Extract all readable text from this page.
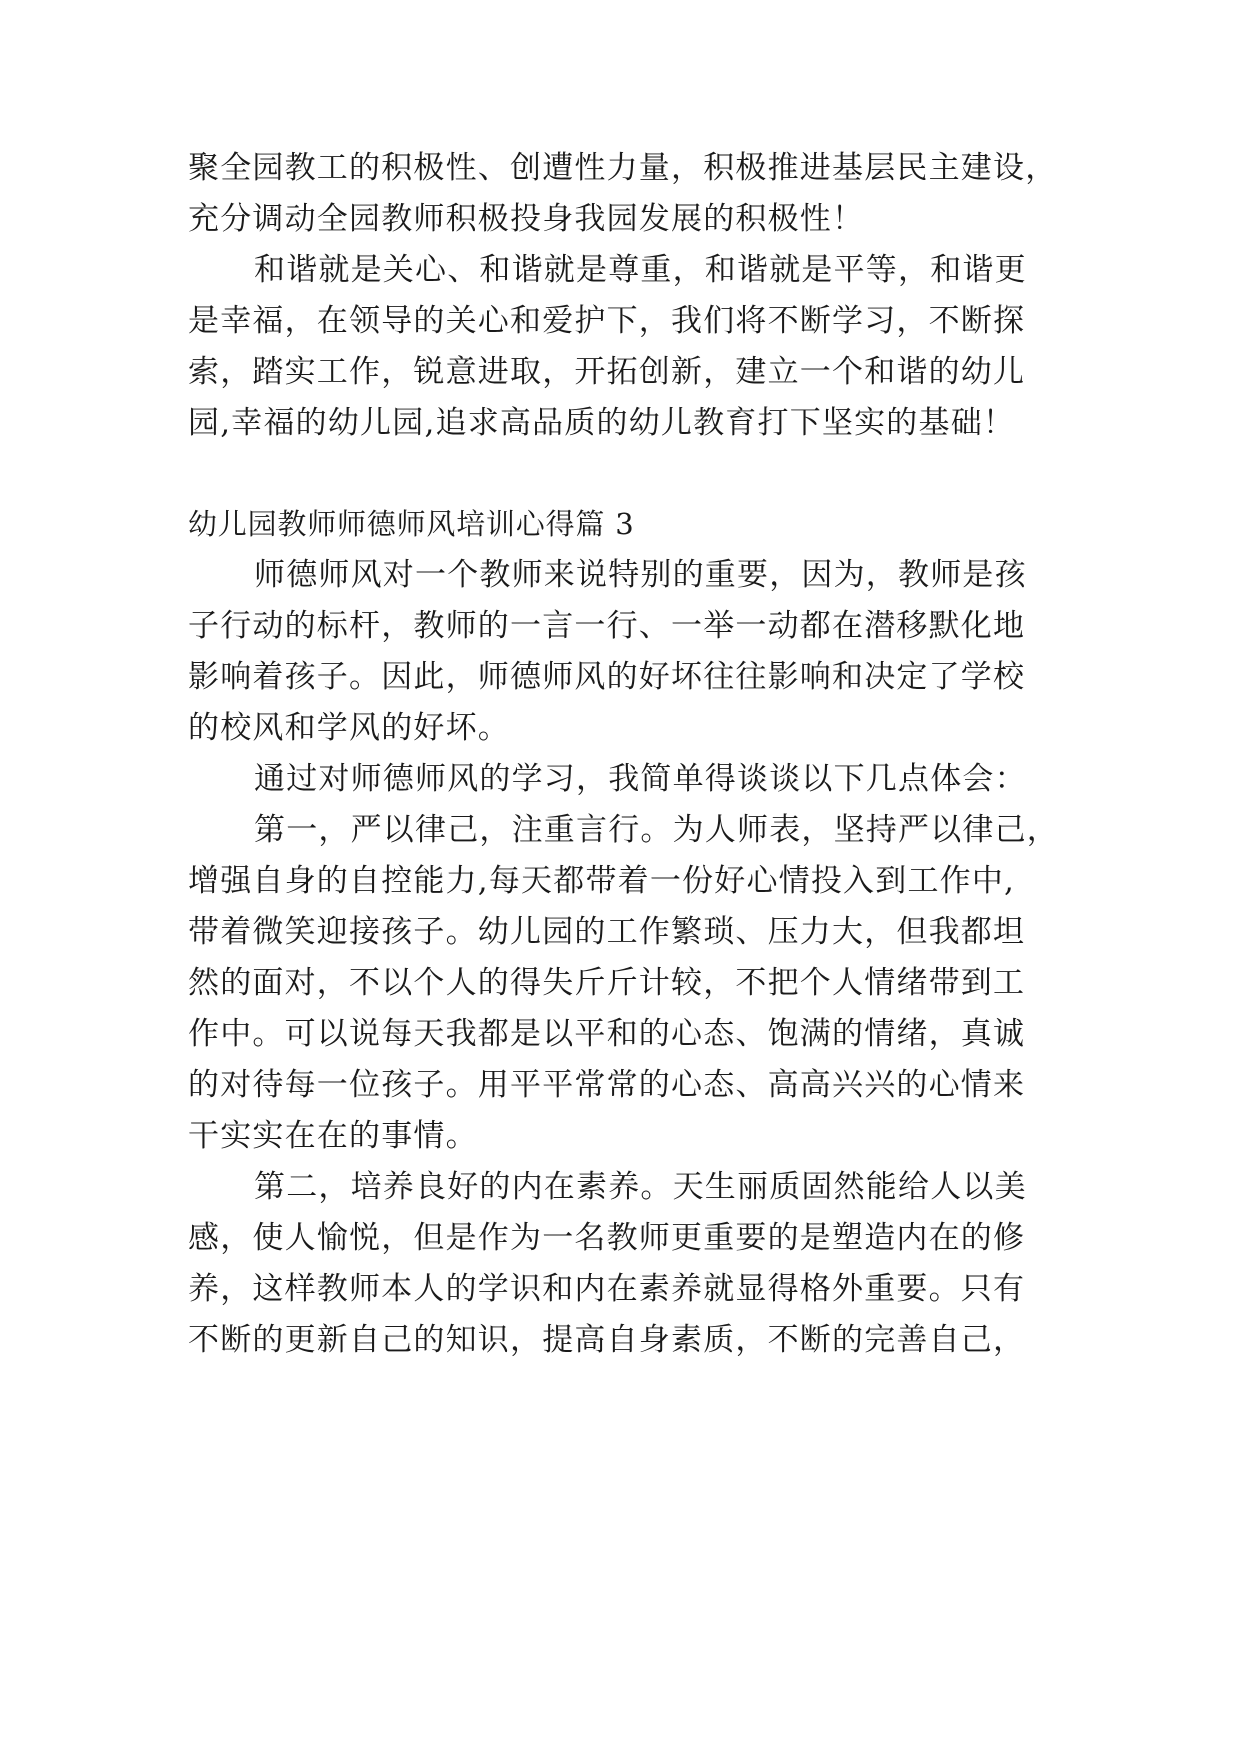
聚全园教工的积极性、创遭性力量，积极推进基层民主建设，
充分调动全园教师积极投身我园发展的积极性！
和谐就是关心、和谐就是尊重，和谐就是平等，和谐更
是幸福，在领导的关心和爱护下，我们将不断学习，不断探
索，踏实工作，锐意进取，开拓创新，建立一个和谐的幼儿
园,幸福的幼儿园,追求高品质的幼儿教育打下坚实的基础！
幼儿园教师师德师风培训心得篇 3
师德师风对一个教师来说特别的重要，因为，教师是孩
子行动的标杆，教师的一言一行、一举一动都在潜移默化地
影响着孩子。因此，师德师风的好坏往往影响和决定了学校
的校风和学风的好坏。
通过对师德师风的学习，我简单得谈谈以下几点体会：
第一，严以律己，注重言行。为人师表，坚持严以律己，
增强自身的自控能力,每天都带着一份好心情投入到工作中,
带着微笑迎接孩子。幼儿园的工作繁琐、压力大，但我都坦
然的面对，不以个人的得失斤斤计较，不把个人情绪带到工
作中。可以说每天我都是以平和的心态、饱满的情绪，真诚
的对待每一位孩子。用平平常常的心态、高高兴兴的心情来
干实实在在的事情。
第二，培养良好的内在素养。天生丽质固然能给人以美
感，使人愉悦，但是作为一名教师更重要的是塑造内在的修
养，这样教师本人的学识和内在素养就显得格外重要。只有
不断的更新自己的知识，提高自身素质，不断的完善自己，
